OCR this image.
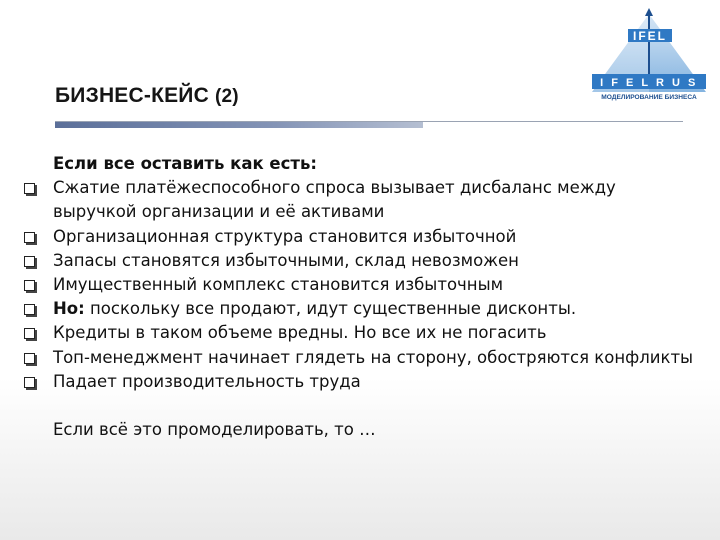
IFEL
I F E L R U S
МОДЕЛИРОВАНИЕ БИЗНЕСА
БИЗНЕС-КЕЙС (2)
Если все оставить как есть:
Сжатие платёжеспособного спроса вызывает дисбаланс между выручкой организации и её активами
Организационная структура становится избыточной
Запасы становятся избыточными, склад невозможен
Имущественный комплекс становится избыточным
Но: поскольку все продают, идут существенные дисконты.
Кредиты в таком объеме вредны. Но все их не погасить
Топ-менеджмент начинает глядеть на сторону, обостряются конфликты
Падает производительность труда
Если всё это промоделировать, то …
